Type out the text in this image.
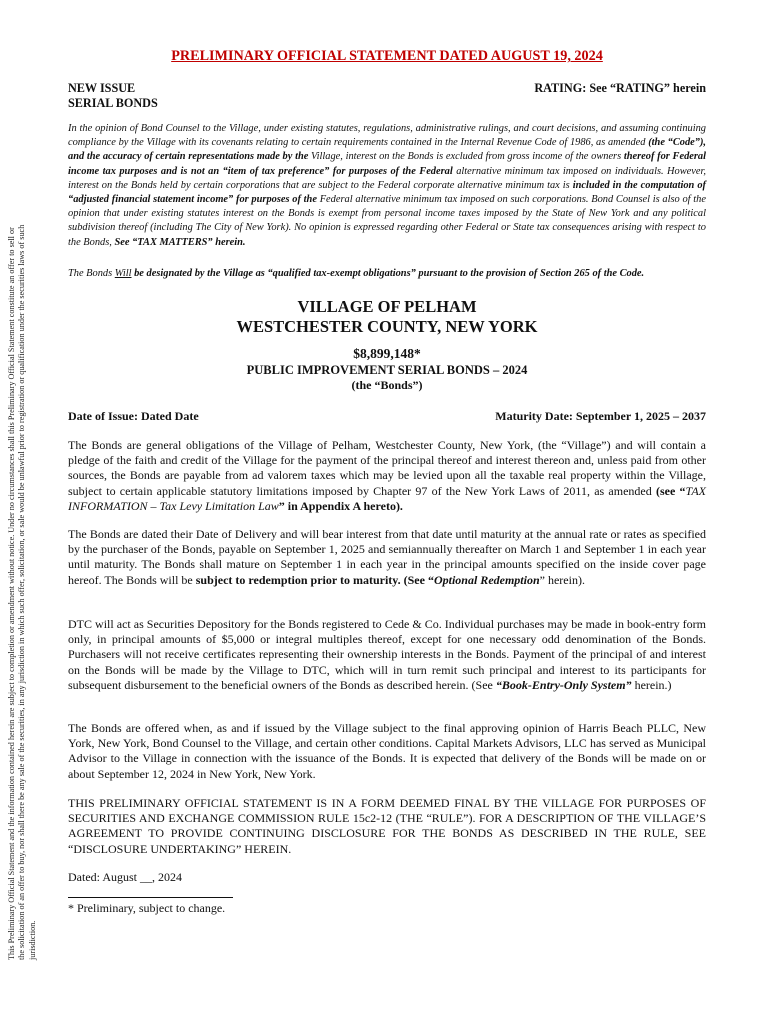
This Preliminary Official Statement and the information contained herein are subject to completion or amendment without notice. Under no circumstances shall this Preliminary Official Statement constitute an offer to sell or the solicitation of an offer to buy, nor shall there be any sale of the securities, in any jurisdiction in which such offer, solicitation, or sale would be unlawful prior to registration or qualification under the securities laws of such jurisdiction.
PRELIMINARY OFFICIAL STATEMENT DATED AUGUST 19, 2024
NEW ISSUE	RATING: See “RATING” herein
SERIAL BONDS
In the opinion of Bond Counsel to the Village, under existing statutes, regulations, administrative rulings, and court decisions, and assuming continuing compliance by the Village with its covenants relating to certain requirements contained in the Internal Revenue Code of 1986, as amended (the “Code”), and the accuracy of certain representations made by the Village, interest on the Bonds is excluded from gross income of the owners thereof for Federal income tax purposes and is not an “item of tax preference” for purposes of the Federal alternative minimum tax imposed on individuals. However, interest on the Bonds held by certain corporations that are subject to the Federal corporate alternative minimum tax is included in the computation of “adjusted financial statement income” for purposes of the Federal alternative minimum tax imposed on such corporations. Bond Counsel is also of the opinion that under existing statutes interest on the Bonds is exempt from personal income taxes imposed by the State of New York and any political subdivision thereof (including The City of New York). No opinion is expressed regarding other Federal or State tax consequences arising with respect to the Bonds, See “TAX MATTERS” herein.
The Bonds Will be designated by the Village as “qualified tax-exempt obligations” pursuant to the provision of Section 265 of the Code.
VILLAGE OF PELHAM
WESTCHESTER COUNTY, NEW YORK
$8,899,148*
PUBLIC IMPROVEMENT SERIAL BONDS – 2024
(the “Bonds”)
Date of Issue: Dated Date	Maturity Date: September 1, 2025 – 2037
The Bonds are general obligations of the Village of Pelham, Westchester County, New York, (the “Village”) and will contain a pledge of the faith and credit of the Village for the payment of the principal thereof and interest thereon and, unless paid from other sources, the Bonds are payable from ad valorem taxes which may be levied upon all the taxable real property within the Village, subject to certain applicable statutory limitations imposed by Chapter 97 of the New York Laws of 2011, as amended (see “TAX INFORMATION – Tax Levy Limitation Law” in Appendix A hereto).
The Bonds are dated their Date of Delivery and will bear interest from that date until maturity at the annual rate or rates as specified by the purchaser of the Bonds, payable on September 1, 2025 and semiannually thereafter on March 1 and September 1 in each year until maturity. The Bonds shall mature on September 1 in each year in the principal amounts specified on the inside cover page hereof. The Bonds will be subject to redemption prior to maturity. (See “Optional Redemption” herein).
DTC will act as Securities Depository for the Bonds registered to Cede & Co. Individual purchases may be made in book-entry form only, in principal amounts of $5,000 or integral multiples thereof, except for one necessary odd denomination of the Bonds. Purchasers will not receive certificates representing their ownership interests in the Bonds. Payment of the principal of and interest on the Bonds will be made by the Village to DTC, which will in turn remit such principal and interest to its participants for subsequent disbursement to the beneficial owners of the Bonds as described herein. (See “Book-Entry-Only System” herein.)
The Bonds are offered when, as and if issued by the Village subject to the final approving opinion of Harris Beach PLLC, New York, New York, Bond Counsel to the Village, and certain other conditions. Capital Markets Advisors, LLC has served as Municipal Advisor to the Village in connection with the issuance of the Bonds. It is expected that delivery of the Bonds will be made on or about September 12, 2024 in New York, New York.
THIS PRELIMINARY OFFICIAL STATEMENT IS IN A FORM DEEMED FINAL BY THE VILLAGE FOR PURPOSES OF SECURITIES AND EXCHANGE COMMISSION RULE 15c2-12 (THE “RULE”). FOR A DESCRIPTION OF THE VILLAGE’S AGREEMENT TO PROVIDE CONTINUING DISCLOSURE FOR THE BONDS AS DESCRIBED IN THE RULE, SEE “DISCLOSURE UNDERTAKING” HEREIN.
Dated: August __, 2024
* Preliminary, subject to change.
